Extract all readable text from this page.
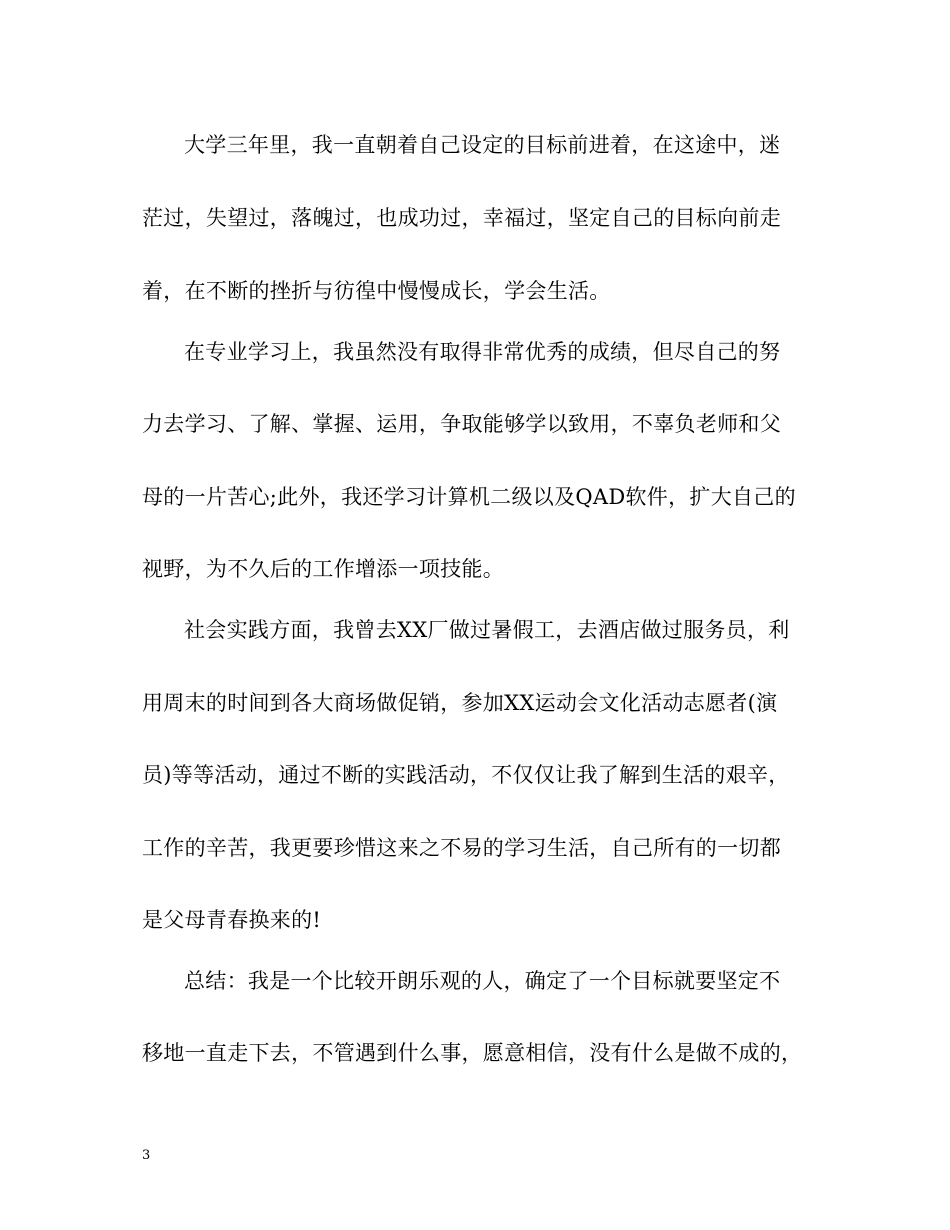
大学三年里，我一直朝着自己设定的目标前进着，在这途中，迷
茫过，失望过，落魄过，也成功过，幸福过，坚定自己的目标向前走
着，在不断的挫折与彷徨中慢慢成长，学会生活。
在专业学习上，我虽然没有取得非常优秀的成绩，但尽自己的努
力去学习、了解、掌握、运用，争取能够学以致用，不辜负老师和父
母的一片苦心;此外，我还学习计算机二级以及QAD软件，扩大自己的
视野，为不久后的工作增添一项技能。
社会实践方面，我曾去XX厂做过暑假工，去酒店做过服务员，利
用周末的时间到各大商场做促销，参加XX运动会文化活动志愿者(演
员)等等活动，通过不断的实践活动，不仅仅让我了解到生活的艰辛，
工作的辛苦，我更要珍惜这来之不易的学习生活，自己所有的一切都
是父母青春换来的!
总结：我是一个比较开朗乐观的人，确定了一个目标就要坚定不
移地一直走下去，不管遇到什么事，愿意相信，没有什么是做不成的，
3
